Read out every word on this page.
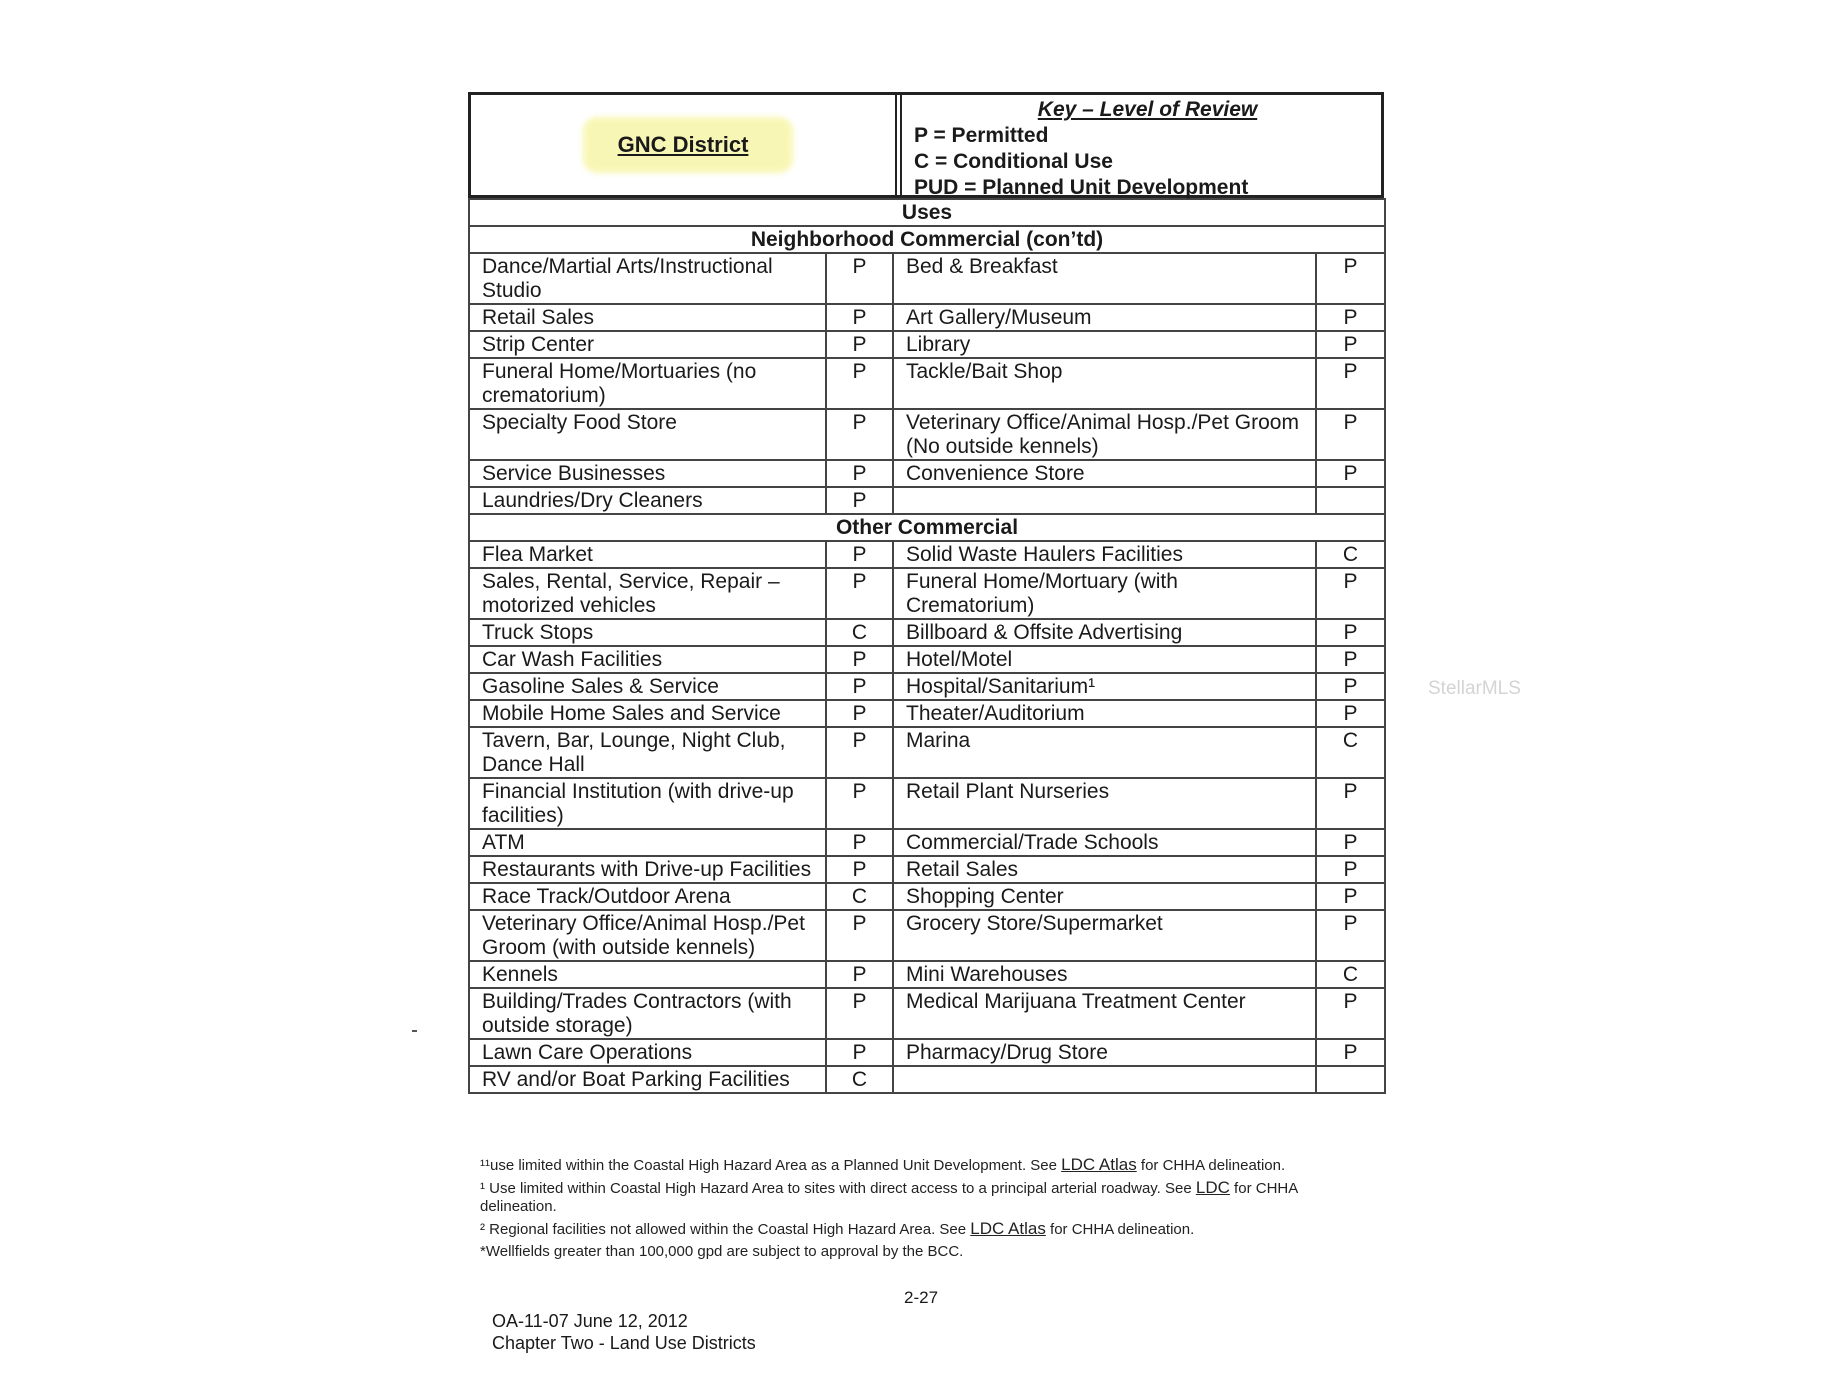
GNC District
Key – Level of Review
P = Permitted
C = Conditional Use
PUD = Planned Unit Development
Uses			
Neighborhood Commercial (con’td)			
Dance/Martial Arts/Instructional Studio	P	Bed & Breakfast	P
Retail Sales	P	Art Gallery/Museum	P
Strip Center	P	Library	P
Funeral Home/Mortuaries (no crematorium)	P	Tackle/Bait Shop	P
Specialty Food Store	P	Veterinary Office/Animal Hosp./Pet Groom (No outside kennels)	P
Service Businesses	P	Convenience Store	P
Laundries/Dry Cleaners	P		
Other Commercial			
Flea Market	P	Solid Waste Haulers Facilities	C
Sales, Rental, Service, Repair – motorized vehicles	P	Funeral Home/Mortuary (with Crematorium)	P
Truck Stops	C	Billboard & Offsite Advertising	P
Car Wash Facilities	P	Hotel/Motel	P
Gasoline Sales & Service	P	Hospital/Sanitarium¹	P
Mobile Home Sales and Service	P	Theater/Auditorium	P
Tavern, Bar, Lounge, Night Club, Dance Hall	P	Marina	C
Financial Institution (with drive-up facilities)	P	Retail Plant Nurseries	P
ATM	P	Commercial/Trade Schools	P
Restaurants with Drive-up Facilities	P	Retail Sales	P
Race Track/Outdoor Arena	C	Shopping Center	P
Veterinary Office/Animal Hosp./Pet Groom (with outside kennels)	P	Grocery Store/Supermarket	P
Kennels	P	Mini Warehouses	C
Building/Trades Contractors (with outside storage)	P	Medical Marijuana Treatment Center	P
Lawn Care Operations	P	Pharmacy/Drug Store	P
RV and/or Boat Parking Facilities	C		

¹¹use limited within the Coastal High Hazard Area as a Planned Unit Development. See LDC Atlas for CHHA delineation.

¹ Use limited within Coastal High Hazard Area to sites with direct access to a principal arterial roadway. See LDC for CHHA delineation.

² Regional facilities not allowed within the Coastal High Hazard Area. See LDC Atlas for CHHA delineation.

*Wellfields greater than 100,000 gpd are subject to approval by the BCC.

2-27
OA-11-07 June 12, 2012
Chapter Two - Land Use Districts
StellarMLS
